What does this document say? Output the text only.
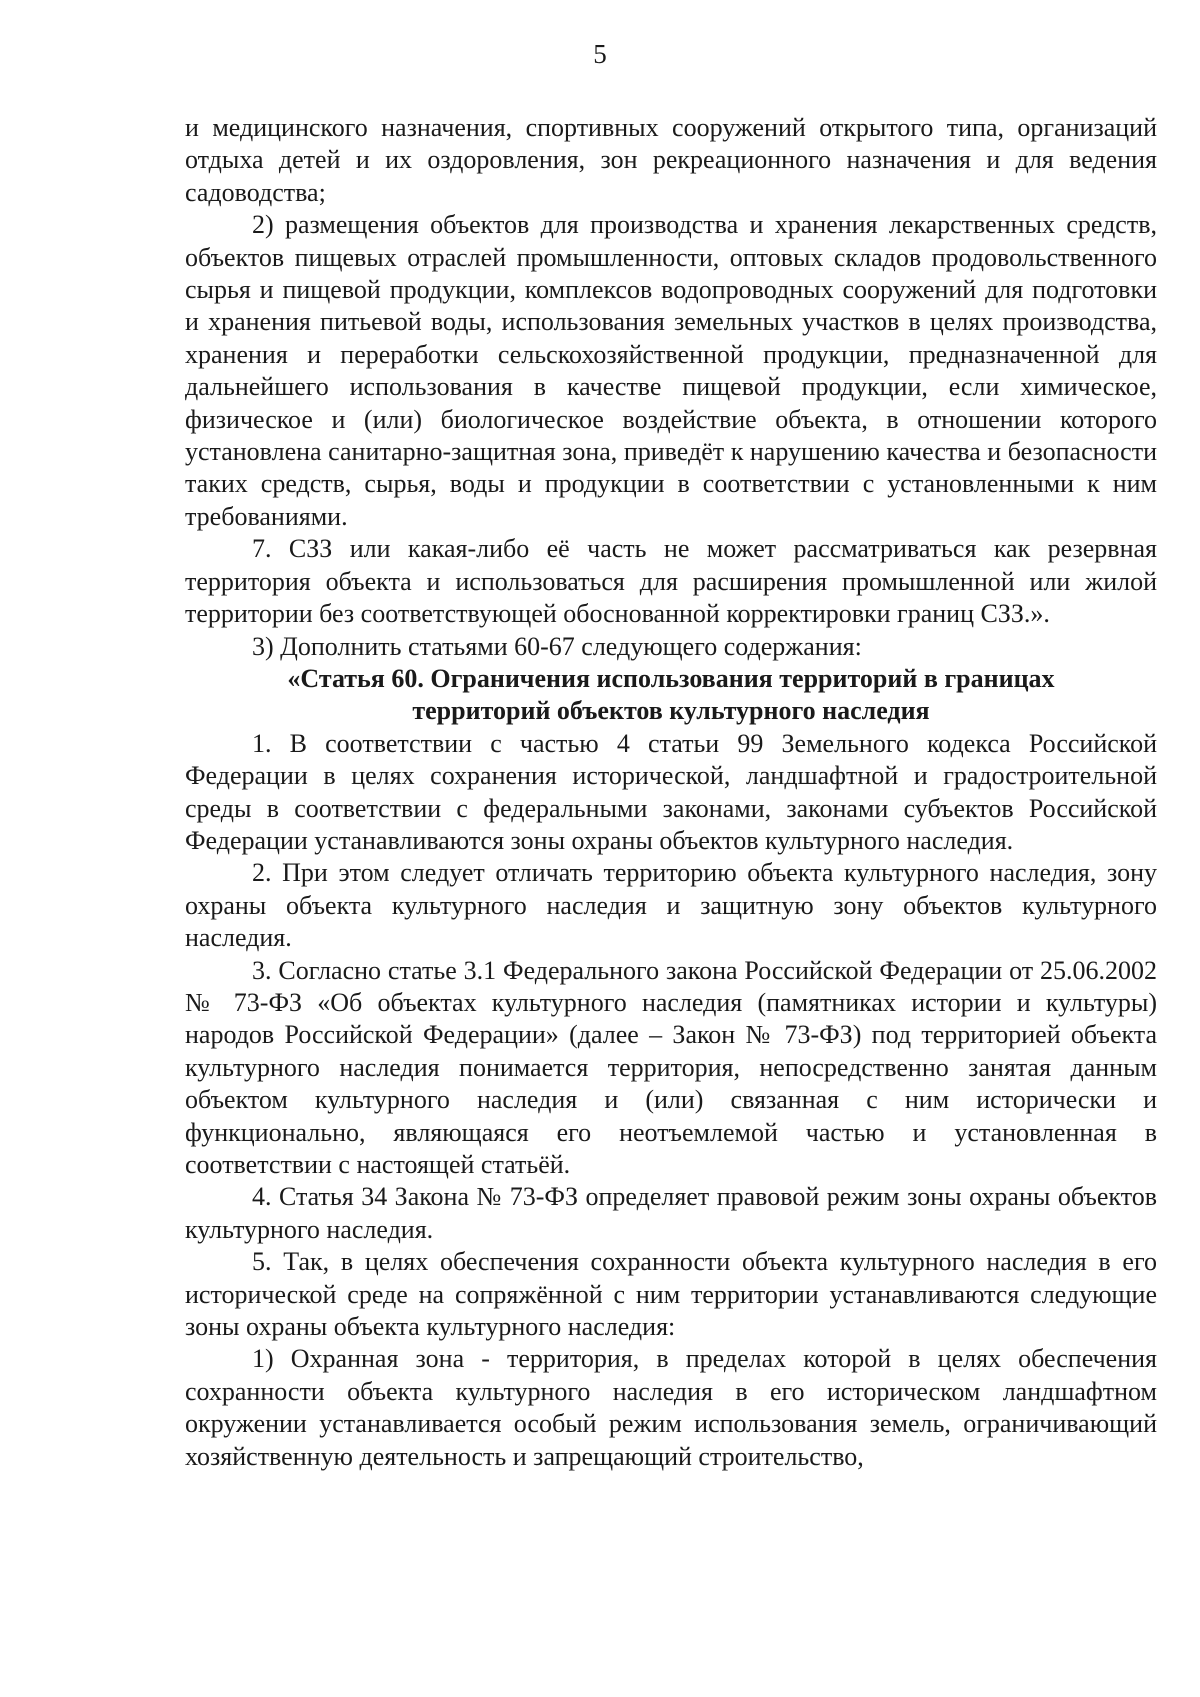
5

и медицинского назначения, спортивных сооружений открытого типа, организаций отдыха детей и их оздоровления, зон рекреационного назначения и для ведения садоводства;

2) размещения объектов для производства и хранения лекарственных средств, объектов пищевых отраслей промышленности, оптовых складов продовольственного сырья и пищевой продукции, комплексов водопроводных сооружений для подготовки и хранения питьевой воды, использования земельных участков в целях производства, хранения и переработки сельскохозяйственной продукции, предназначенной для дальнейшего использования в качестве пищевой продукции, если химическое, физическое и (или) биологическое воздействие объекта, в отношении которого установлена санитарно-защитная зона, приведёт к нарушению качества и безопасности таких средств, сырья, воды и продукции в соответствии с установленными к ним требованиями.

7. СЗЗ или какая-либо её часть не может рассматриваться как резервная территория объекта и использоваться для расширения промышленной или жилой территории без соответствующей обоснованной корректировки границ СЗЗ.».

3) Дополнить статьями 60-67 следующего содержания:

«Статья 60. Ограничения использования территорий в границах территорий объектов культурного наследия

1. В соответствии с частью 4 статьи 99 Земельного кодекса Российской Федерации в целях сохранения исторической, ландшафтной и градостроительной среды в соответствии с федеральными законами, законами субъектов Российской Федерации устанавливаются зоны охраны объектов культурного наследия.

2. При этом следует отличать территорию объекта культурного наследия, зону охраны объекта культурного наследия и защитную зону объектов культурного наследия.

3. Согласно статье 3.1 Федерального закона Российской Федерации от 25.06.2002 № 73-ФЗ «Об объектах культурного наследия (памятниках истории и культуры) народов Российской Федерации» (далее – Закон № 73-ФЗ) под территорией объекта культурного наследия понимается территория, непосредственно занятая данным объектом культурного наследия и (или) связанная с ним исторически и функционально, являющаяся его неотъемлемой частью и установленная в соответствии с настоящей статьёй.

4. Статья 34 Закона № 73-ФЗ определяет правовой режим зоны охраны объектов культурного наследия.

5. Так, в целях обеспечения сохранности объекта культурного наследия в его исторической среде на сопряжённой с ним территории устанавливаются следующие зоны охраны объекта культурного наследия:

1) Охранная зона - территория, в пределах которой в целях обеспечения сохранности объекта культурного наследия в его историческом ландшафтном окружении устанавливается особый режим использования земель, ограничивающий хозяйственную деятельность и запрещающий строительство,
